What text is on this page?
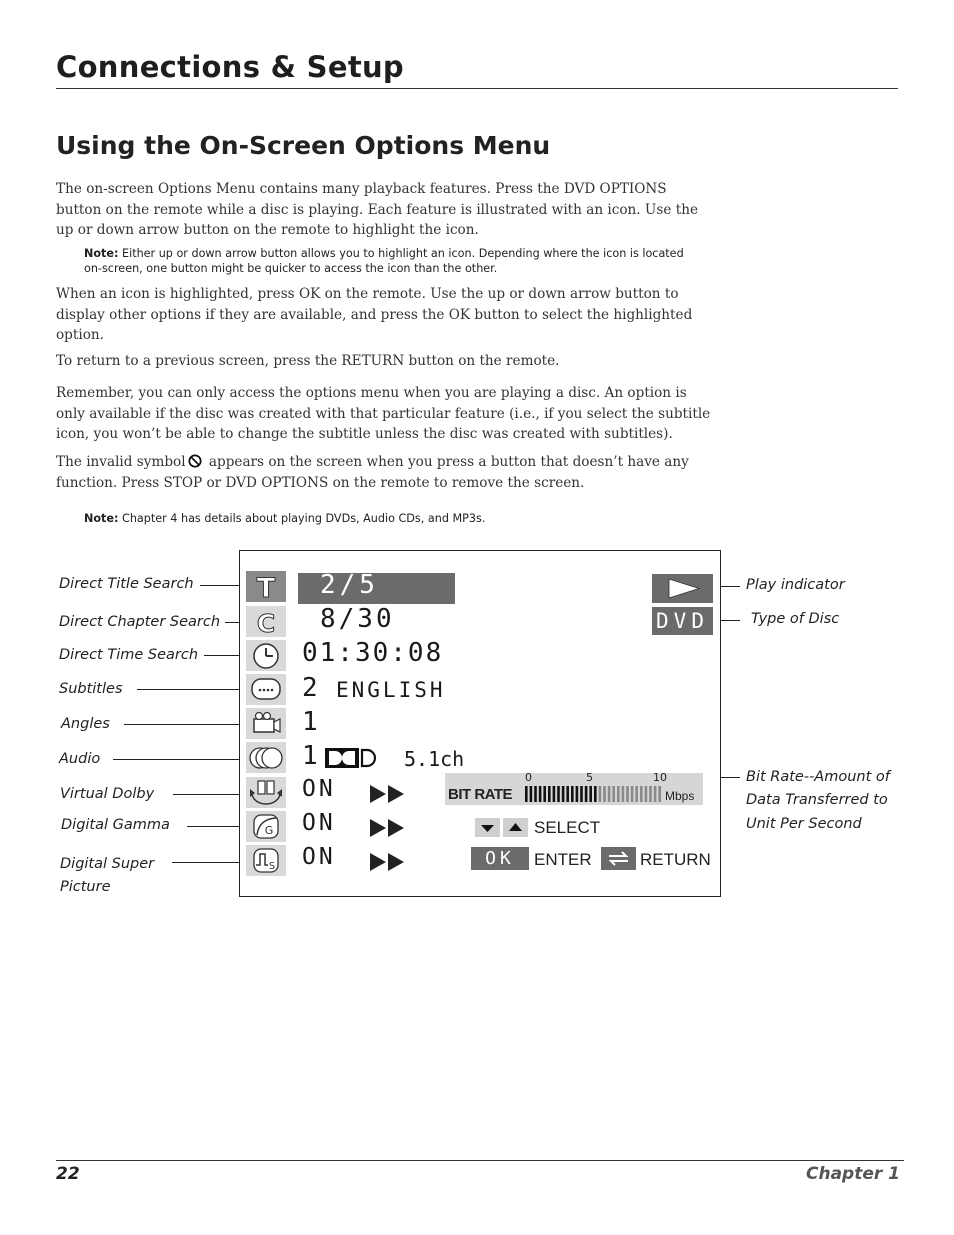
Connections & Setup
Using the On-Screen Options Menu
The on-screen Options Menu contains many playback features. Press the DVD OPTIONS button on the remote while a disc is playing. Each feature is illustrated with an icon. Use the up or down arrow button on the remote to highlight the icon.
Note: Either up or down arrow button allows you to highlight an icon. Depending where the icon is located on-screen, one button might be quicker to access the icon than the other.
When an icon is highlighted, press OK on the remote. Use the up or down arrow button to display other options if they are available, and press the OK button to select the highlighted option.
To return to a previous screen, press the RETURN button on the remote.
Remember, you can only access the options menu when you are playing a disc. An option is only available if the disc was created with that particular feature (i.e., if you select the subtitle icon, you won’t be able to change the subtitle unless the disc was created with subtitles).
The invalid symbol appears on the screen when you press a button that doesn’t have any function. Press STOP or DVD OPTIONS on the remote to remove the screen.
Note: Chapter 4 has details about playing DVDs, Audio CDs, and MP3s.
Direct Title Search
Direct Chapter Search
Direct Time Search
Subtitles
Angles
Audio
Virtual Dolby
Digital Gamma
Digital Super
Picture
Play indicator
Type of Disc
Bit Rate--Amount of
Data Transferred to
Unit Per Second
T
C
G
S
2/5
8/30
01:30:08
2 ENGLISH
1
1	5.1ch
ON
ON
ON
DVD
0	5	10
BIT RATE	Mbps
SELECT
OK	ENTER	RETURN
22	Chapter 1
